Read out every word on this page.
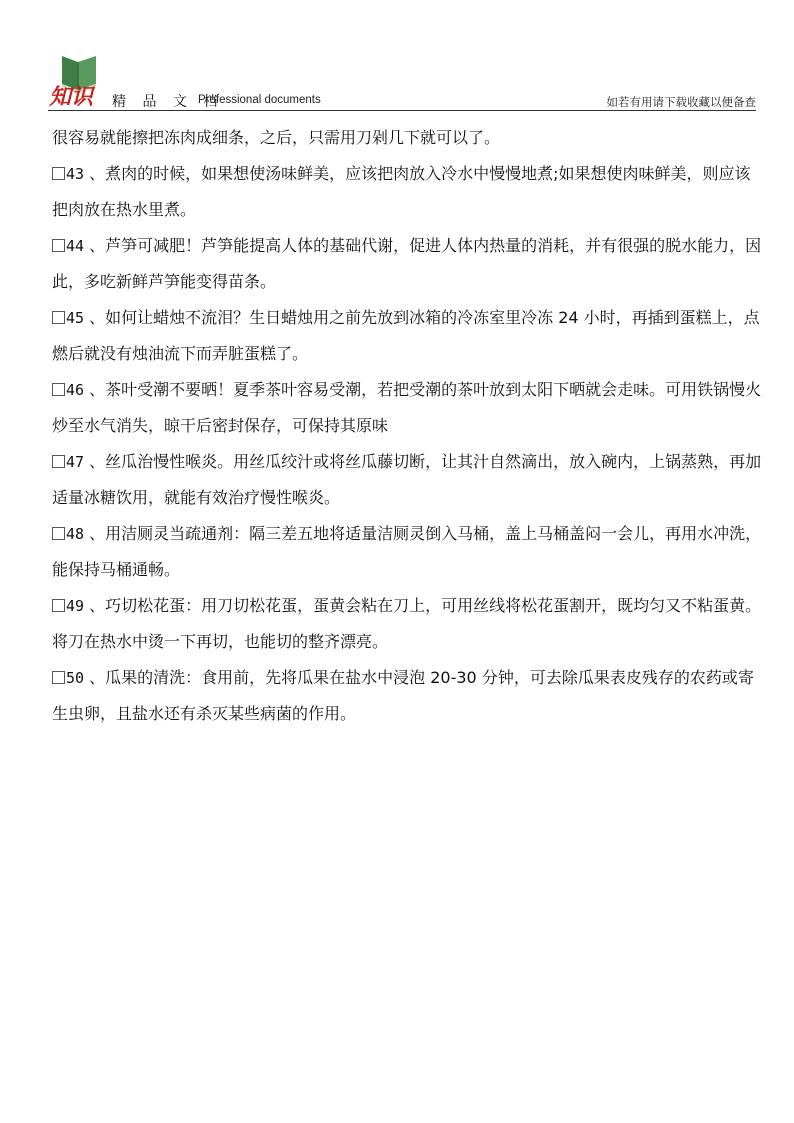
知识 精 品 文 档
Professional documents	如若有用请下载收藏以便备查

很容易就能擦把冻肉成细条，之后，只需用刀剁几下就可以了。

43 、煮肉的时候，如果想使汤味鲜美，应该把肉放入冷水中慢慢地煮;如果想使肉味鲜美，则应该把肉放在热水里煮。

44 、芦笋可减肥！芦笋能提高人体的基础代谢，促进人体内热量的消耗，并有很强的脱水能力，因此，多吃新鲜芦笋能变得苗条。

45 、如何让蜡烛不流泪？生日蜡烛用之前先放到冰箱的冷冻室里冷冻 24 小时，再插到蛋糕上，点燃后就没有烛油流下而弄脏蛋糕了。

46 、茶叶受潮不要晒！夏季茶叶容易受潮，若把受潮的茶叶放到太阳下晒就会走味。可用铁锅慢火炒至水气消失，晾干后密封保存，可保持其原味

47 、丝瓜治慢性喉炎。用丝瓜绞汁或将丝瓜藤切断，让其汁自然滴出，放入碗内，上锅蒸熟，再加适量冰糖饮用，就能有效治疗慢性喉炎。

48 、用洁厕灵当疏通剂：隔三差五地将适量洁厕灵倒入马桶，盖上马桶盖闷一会儿，再用水冲洗，能保持马桶通畅。

49 、巧切松花蛋：用刀切松花蛋，蛋黄会粘在刀上，可用丝线将松花蛋割开，既均匀又不粘蛋黄。将刀在热水中烫一下再切，也能切的整齐漂亮。

50 、瓜果的清洗：食用前，先将瓜果在盐水中浸泡 20-30 分钟，可去除瓜果表皮残存的农药或寄生虫卵，且盐水还有杀灭某些病菌的作用。
